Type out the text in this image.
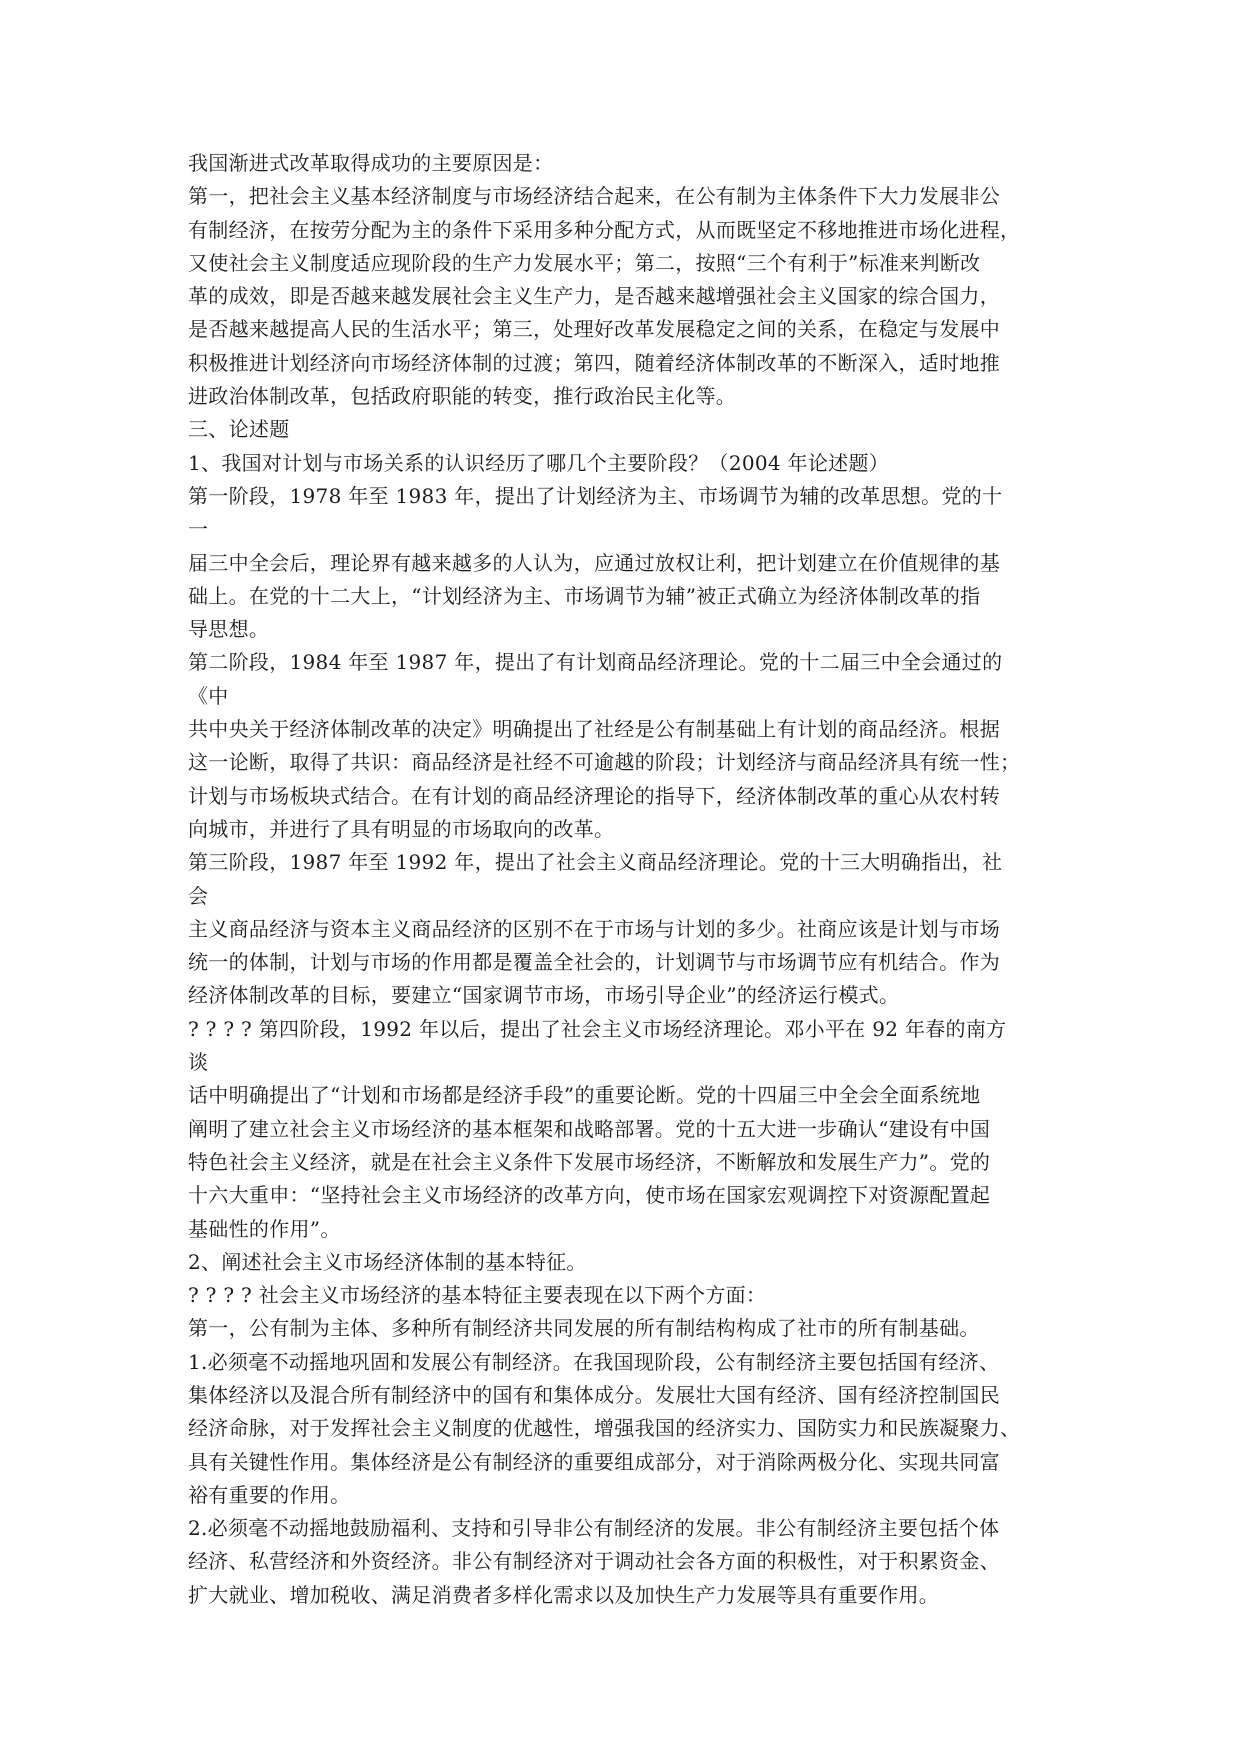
我国渐进式改革取得成功的主要原因是：
第一，把社会主义基本经济制度与市场经济结合起来，在公有制为主体条件下大力发展非公
有制经济，在按劳分配为主的条件下采用多种分配方式，从而既坚定不移地推进市场化进程，
又使社会主义制度适应现阶段的生产力发展水平；第二，按照“三个有利于”标准来判断改
革的成效，即是否越来越发展社会主义生产力，是否越来越增强社会主义国家的综合国力，
是否越来越提高人民的生活水平；第三，处理好改革发展稳定之间的关系，在稳定与发展中
积极推进计划经济向市场经济体制的过渡；第四，随着经济体制改革的不断深入，适时地推
进政治体制改革，包括政府职能的转变，推行政治民主化等。
三、论述题
1、我国对计划与市场关系的认识经历了哪几个主要阶段？（2004 年论述题）
第一阶段，1978 年至 1983 年，提出了计划经济为主、市场调节为辅的改革思想。党的十
一
届三中全会后，理论界有越来越多的人认为，应通过放权让利，把计划建立在价值规律的基
础上。在党的十二大上，“计划经济为主、市场调节为辅”被正式确立为经济体制改革的指
导思想。
第二阶段，1984 年至 1987 年，提出了有计划商品经济理论。党的十二届三中全会通过的
《中
共中央关于经济体制改革的决定》明确提出了社经是公有制基础上有计划的商品经济。根据
这一论断，取得了共识：商品经济是社经不可逾越的阶段；计划经济与商品经济具有统一性；
计划与市场板块式结合。在有计划的商品经济理论的指导下，经济体制改革的重心从农村转
向城市，并进行了具有明显的市场取向的改革。
第三阶段，1987 年至 1992 年，提出了社会主义商品经济理论。党的十三大明确指出，社
会
主义商品经济与资本主义商品经济的区别不在于市场与计划的多少。社商应该是计划与市场
统一的体制，计划与市场的作用都是覆盖全社会的，计划调节与市场调节应有机结合。作为
经济体制改革的目标，要建立“国家调节市场，市场引导企业”的经济运行模式。
? ? ? ? 第四阶段，1992 年以后，提出了社会主义市场经济理论。邓小平在 92 年春的南方
谈
话中明确提出了“计划和市场都是经济手段”的重要论断。党的十四届三中全会全面系统地
阐明了建立社会主义市场经济的基本框架和战略部署。党的十五大进一步确认“建设有中国
特色社会主义经济，就是在社会主义条件下发展市场经济，不断解放和发展生产力”。党的
十六大重申：“坚持社会主义市场经济的改革方向，使市场在国家宏观调控下对资源配置起
基础性的作用”。
2、阐述社会主义市场经济体制的基本特征。
? ? ? ? 社会主义市场经济的基本特征主要表现在以下两个方面：
第一，公有制为主体、多种所有制经济共同发展的所有制结构构成了社市的所有制基础。
1.必须毫不动摇地巩固和发展公有制经济。在我国现阶段，公有制经济主要包括国有经济、
集体经济以及混合所有制经济中的国有和集体成分。发展壮大国有经济、国有经济控制国民
经济命脉，对于发挥社会主义制度的优越性，增强我国的经济实力、国防实力和民族凝聚力、
具有关键性作用。集体经济是公有制经济的重要组成部分，对于消除两极分化、实现共同富
裕有重要的作用。
2.必须毫不动摇地鼓励福利、支持和引导非公有制经济的发展。非公有制经济主要包括个体
经济、私营经济和外资经济。非公有制经济对于调动社会各方面的积极性，对于积累资金、
扩大就业、增加税收、满足消费者多样化需求以及加快生产力发展等具有重要作用。
